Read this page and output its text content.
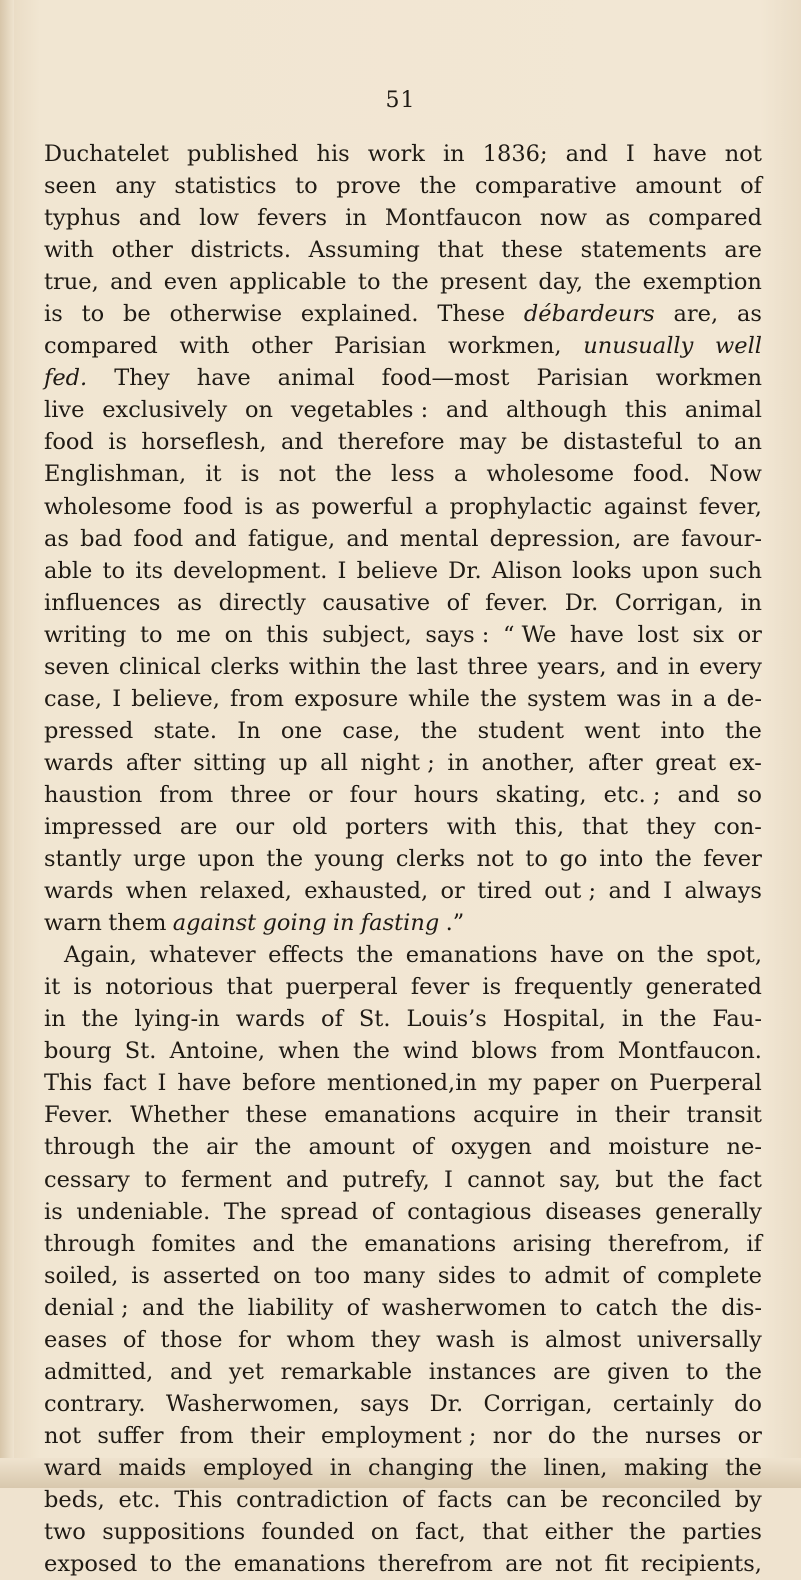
51
Duchatelet published his work in 1836; and I have not
seen any statistics to prove the comparative amount of
typhus and low fevers in Montfaucon now as compared
with other districts. Assuming that these statements are
true, and even applicable to the present day, the exemption
is to be otherwise explained. These débardeurs are, as
compared with other Parisian workmen, unusually well
fed. They have animal food—most Parisian workmen
live exclusively on vegetables : and although this animal
food is horseflesh, and therefore may be distasteful to an
Englishman, it is not the less a wholesome food. Now
wholesome food is as powerful a prophylactic against fever,
as bad food and fatigue, and mental depression, are favour-
able to its development. I believe Dr. Alison looks upon such
influences as directly causative of fever. Dr. Corrigan, in
writing to me on this subject, says : “ We have lost six or
seven clinical clerks within the last three years, and in every
case, I believe, from exposure while the system was in a de-
pressed state. In one case, the student went into the
wards after sitting up all night ; in another, after great ex-
haustion from three or four hours skating, etc. ; and so
impressed are our old porters with this, that they con-
stantly urge upon the young clerks not to go into the fever
wards when relaxed, exhausted, or tired out ; and I always
warn them against going in fasting .”
Again, whatever effects the emanations have on the spot,
it is notorious that puerperal fever is frequently generated
in the lying-in wards of St. Louis’s Hospital, in the Fau-
bourg St. Antoine, when the wind blows from Montfaucon.
This fact I have before mentioned,in my paper on Puerperal
Fever. Whether these emanations acquire in their transit
through the air the amount of oxygen and moisture ne-
cessary to ferment and putrefy, I cannot say, but the fact
is undeniable. The spread of contagious diseases generally
through fomites and the emanations arising therefrom, if
soiled, is asserted on too many sides to admit of complete
denial ; and the liability of washerwomen to catch the dis-
eases of those for whom they wash is almost universally
admitted, and yet remarkable instances are given to the
contrary. Washerwomen, says Dr. Corrigan, certainly do
not suffer from their employment ; nor do the nurses or
ward maids employed in changing the linen, making the
beds, etc. This contradiction of facts can be reconciled by
two suppositions founded on fact, that either the parties
exposed to the emanations therefrom are not fit recipients,
